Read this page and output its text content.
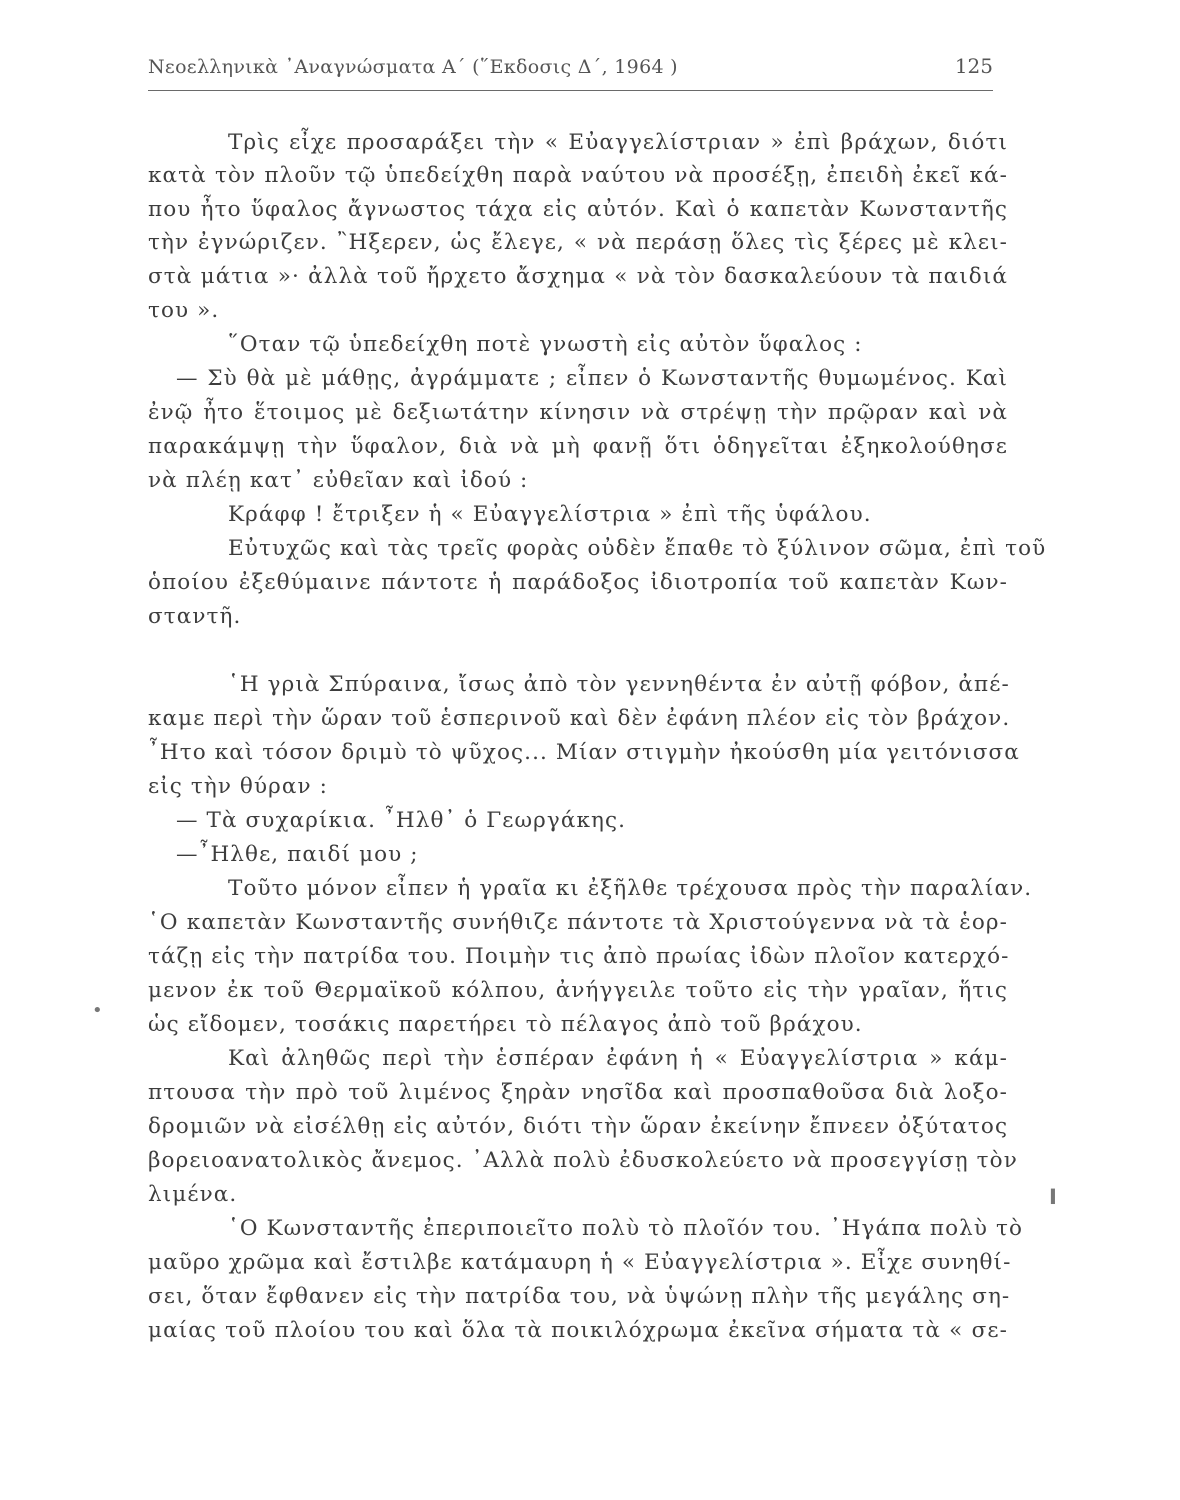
Νεοελληνικὰ ᾿Αναγνώσματα Α΄ (῞Εκδοσις Δ΄, 1964 )	125
Τρὶς εἶχε προσαράξει τὴν « Εὐαγγελίστριαν » ἐπὶ βράχων, διότι
κατὰ τὸν πλοῦν τῷ ὑπεδείχθη παρὰ ναύτου νὰ προσέξῃ, ἐπειδὴ ἐκεῖ κά-
που ἦτο ὕφαλος ἄγνωστος τάχα εἰς αὐτόν. Καὶ ὁ καπετὰν Κωνσταντῆς
τὴν ἐγνώριζεν. ῍Ηξερεν, ὡς ἔλεγε, « νὰ περάσῃ ὅλες τὶς ξέρες μὲ κλει-
στὰ μάτια »· ἀλλὰ τοῦ ἤρχετο ἄσχημα « νὰ τὸν δασκαλεύουν τὰ παιδιά
του ».
῞Οταν τῷ ὑπεδείχθη ποτὲ γνωστὴ εἰς αὐτὸν ὕφαλος :
— Σὺ θὰ μὲ μάθῃς, ἀγράμματε ; εἶπεν ὁ Κωνσταντῆς θυμωμένος. Καὶ
ἐνῷ ἦτο ἕτοιμος μὲ δεξιωτάτην κίνησιν νὰ στρέψῃ τὴν πρῷραν καὶ νὰ
παρακάμψῃ τὴν ὕφαλον, διὰ νὰ μὴ φανῇ ὅτι ὁδηγεῖται ἐξηκολούθησε
νὰ πλέῃ κατ᾿ εὐθεῖαν καὶ ἰδού :
Κράφφ ! ἔτριξεν ἡ « Εὐαγγελίστρια » ἐπὶ τῆς ὑφάλου.
Εὐτυχῶς καὶ τὰς τρεῖς φορὰς οὐδὲν ἔπαθε τὸ ξύλινον σῶμα, ἐπὶ τοῦ
ὁποίου ἐξεθύμαινε πάντοτε ἡ παράδοξος ἰδιοτροπία τοῦ καπετὰν Κων-
σταντῆ.
῾Η γριὰ Σπύραινα, ἴσως ἀπὸ τὸν γεννηθέντα ἐν αὐτῇ φόβον, ἀπέ-
καμε περὶ τὴν ὥραν τοῦ ἑσπερινοῦ καὶ δὲν ἐφάνη πλέον εἰς τὸν βράχον.
῏Ητο καὶ τόσον δριμὺ τὸ ψῦχος... Μίαν στιγμὴν ἠκούσθη μία γειτόνισσα
εἰς τὴν θύραν :
— Τὰ συχαρίκια. ῏Ηλθ᾿ ὁ Γεωργάκης.
—῏Ηλθε, παιδί μου ;
Τοῦτο μόνον εἶπεν ἡ γραῖα κι ἐξῆλθε τρέχουσα πρὸς τὴν παραλίαν.
῾Ο καπετὰν Κωνσταντῆς συνήθιζε πάντοτε τὰ Χριστούγεννα νὰ τὰ ἑορ-
τάζῃ εἰς τὴν πατρίδα του. Ποιμὴν τις ἀπὸ πρωίας ἰδὼν πλοῖον κατερχό-
μενον ἐκ τοῦ Θερμαϊκοῦ κόλπου, ἀνήγγειλε τοῦτο εἰς τὴν γραῖαν, ἥτις
ὡς εἴδομεν, τοσάκις παρετήρει τὸ πέλαγος ἀπὸ τοῦ βράχου.
Καὶ ἀληθῶς περὶ τὴν ἑσπέραν ἐφάνη ἡ « Εὐαγγελίστρια » κάμ-
πτουσα τὴν πρὸ τοῦ λιμένος ξηρὰν νησῖδα καὶ προσπαθοῦσα διὰ λοξο-
δρομιῶν νὰ εἰσέλθῃ εἰς αὐτόν, διότι τὴν ὥραν ἐκείνην ἔπνεεν ὀξύτατος
βορειοανατολικὸς ἄνεμος. ᾿Αλλὰ πολὺ ἐδυσκολεύετο νὰ προσεγγίσῃ τὸν
λιμένα.
῾Ο Κωνσταντῆς ἐπεριποιεῖτο πολὺ τὸ πλοῖόν του. ᾿Ηγάπα πολὺ τὸ
μαῦρο χρῶμα καὶ ἔστιλβε κατάμαυρη ἡ « Εὐαγγελίστρια ». Εἶχε συνηθί-
σει, ὅταν ἔφθανεν εἰς τὴν πατρίδα του, νὰ ὑψώνῃ πλὴν τῆς μεγάλης ση-
μαίας τοῦ πλοίου του καὶ ὅλα τὰ ποικιλόχρωμα ἐκεῖνα σήματα τὰ « σε-
•
╹
